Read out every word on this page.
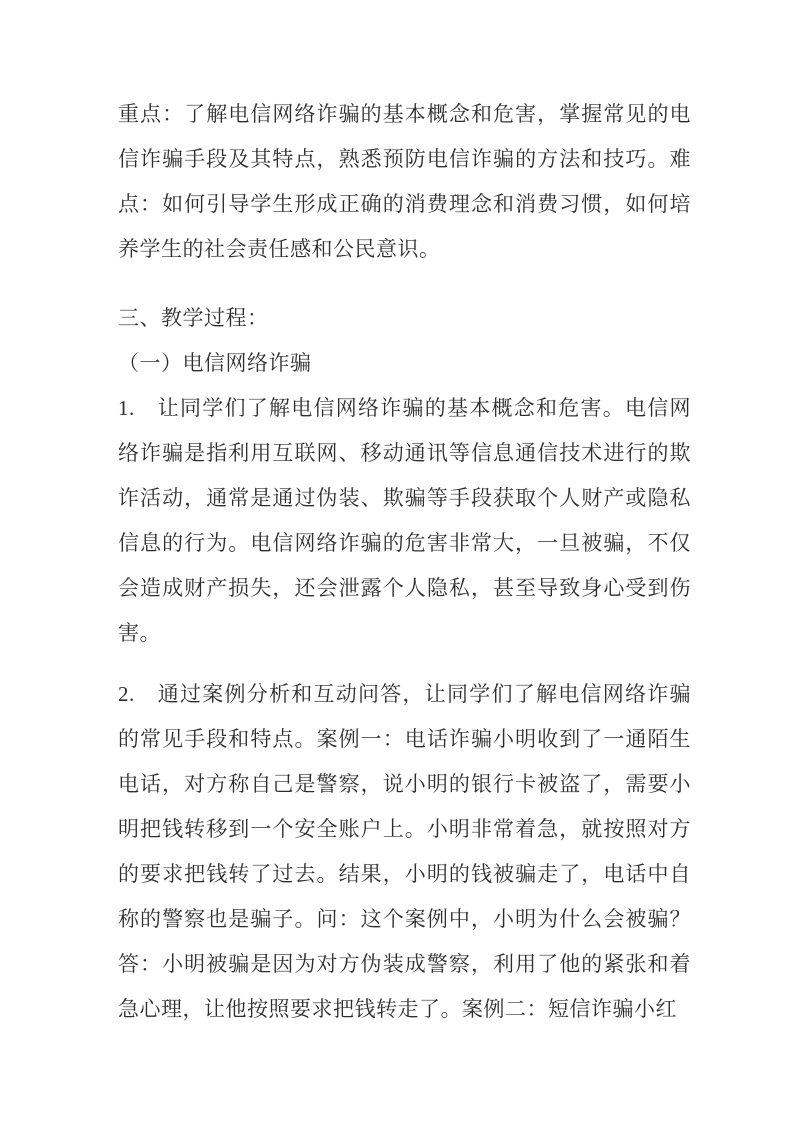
重点：了解电信网络诈骗的基本概念和危害，掌握常见的电信诈骗手段及其特点，熟悉预防电信诈骗的方法和技巧。难点：如何引导学生形成正确的消费理念和消费习惯，如何培养学生的社会责任感和公民意识。

三、教学过程：

（一）电信网络诈骗

1.　让同学们了解电信网络诈骗的基本概念和危害。电信网络诈骗是指利用互联网、移动通讯等信息通信技术进行的欺诈活动，通常是通过伪装、欺骗等手段获取个人财产或隐私信息的行为。电信网络诈骗的危害非常大，一旦被骗，不仅会造成财产损失，还会泄露个人隐私，甚至导致身心受到伤害。

2.　通过案例分析和互动问答，让同学们了解电信网络诈骗的常见手段和特点。案例一：电话诈骗小明收到了一通陌生电话，对方称自己是警察，说小明的银行卡被盗了，需要小明把钱转移到一个安全账户上。小明非常着急，就按照对方的要求把钱转了过去。结果，小明的钱被骗走了，电话中自称的警察也是骗子。问：这个案例中，小明为什么会被骗？答：小明被骗是因为对方伪装成警察，利用了他的紧张和着急心理，让他按照要求把钱转走了。案例二：短信诈骗小红
